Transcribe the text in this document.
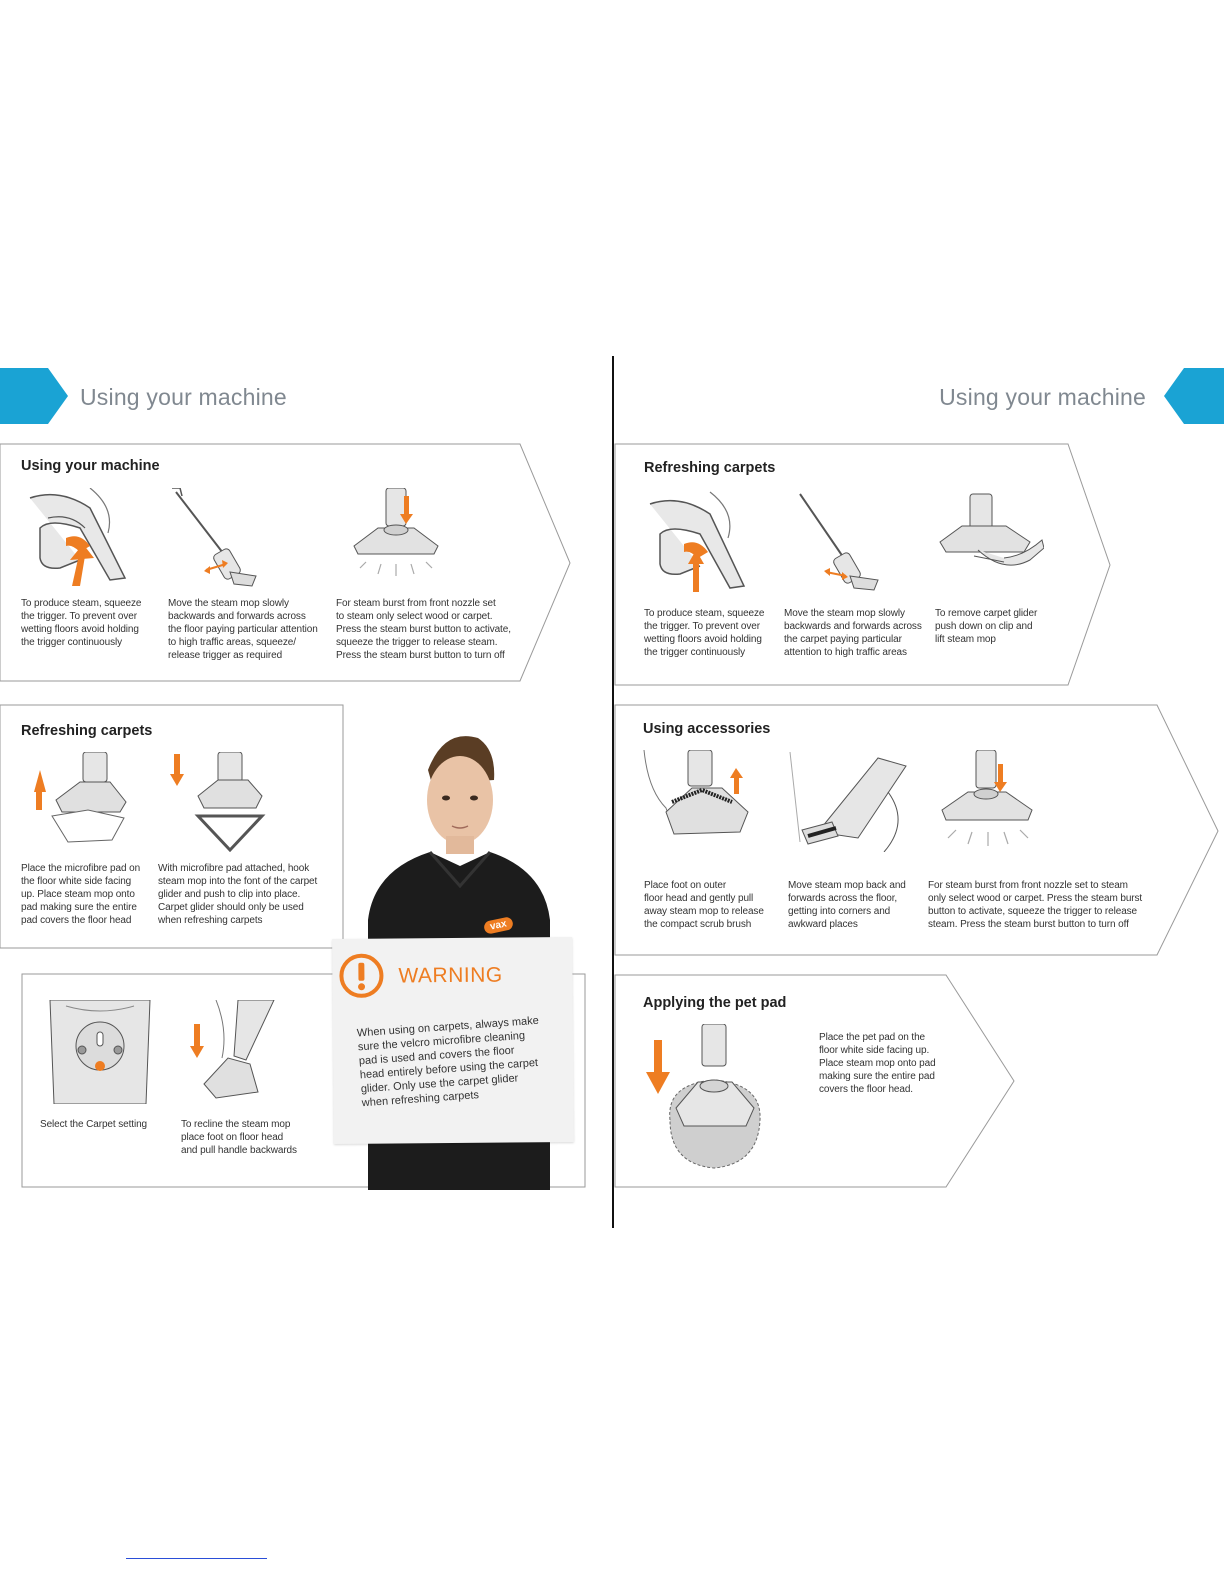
Using your machine	Using your machine
Using your machine
To produce steam, squeeze
the trigger. To prevent over
wetting floors avoid holding
the trigger continuously
Move the steam mop slowly
backwards and forwards across
the floor paying particular attention
to high traffic areas, squeeze/
release trigger as required
For steam burst from front nozzle set
to steam only select wood or carpet.
Press the steam burst button to activate,
squeeze the trigger to release steam.
Press the steam burst button to turn off
Refreshing carpets
Place the microfibre pad on
the floor white side facing
up. Place steam mop onto
pad making sure the entire
pad covers the floor head
With microfibre pad attached, hook
steam mop into the font of the carpet
glider and push to clip into place.
Carpet glider should only be used
when refreshing carpets
Select the Carpet setting	To recline the steam mop
place foot on floor head
and pull handle backwards
vax
WARNING
When using on carpets, always make
sure the velcro microfibre cleaning
pad is used and covers the floor
head entirely before using the carpet
glider. Only use the carpet glider
when refreshing carpets
Refreshing carpets
To produce steam, squeeze
the trigger. To prevent over
wetting floors avoid holding
the trigger continuously
Move the steam mop slowly
backwards and forwards across
the carpet paying particular
attention to high traffic areas
To remove carpet glider
push down on clip and
lift steam mop
Using accessories
Place foot on outer
floor head and gently pull
away steam mop to release
the compact scrub brush
Move steam mop back and
forwards across the floor,
getting into corners and
awkward places
For steam burst from front nozzle set to steam
only select wood or carpet. Press the steam burst
button to activate, squeeze the trigger to release
steam. Press the steam burst button to turn off
Applying the pet pad
Place the pet pad on the
floor white side facing up.
Place steam mop onto pad
making sure the entire pad
covers the floor head.
